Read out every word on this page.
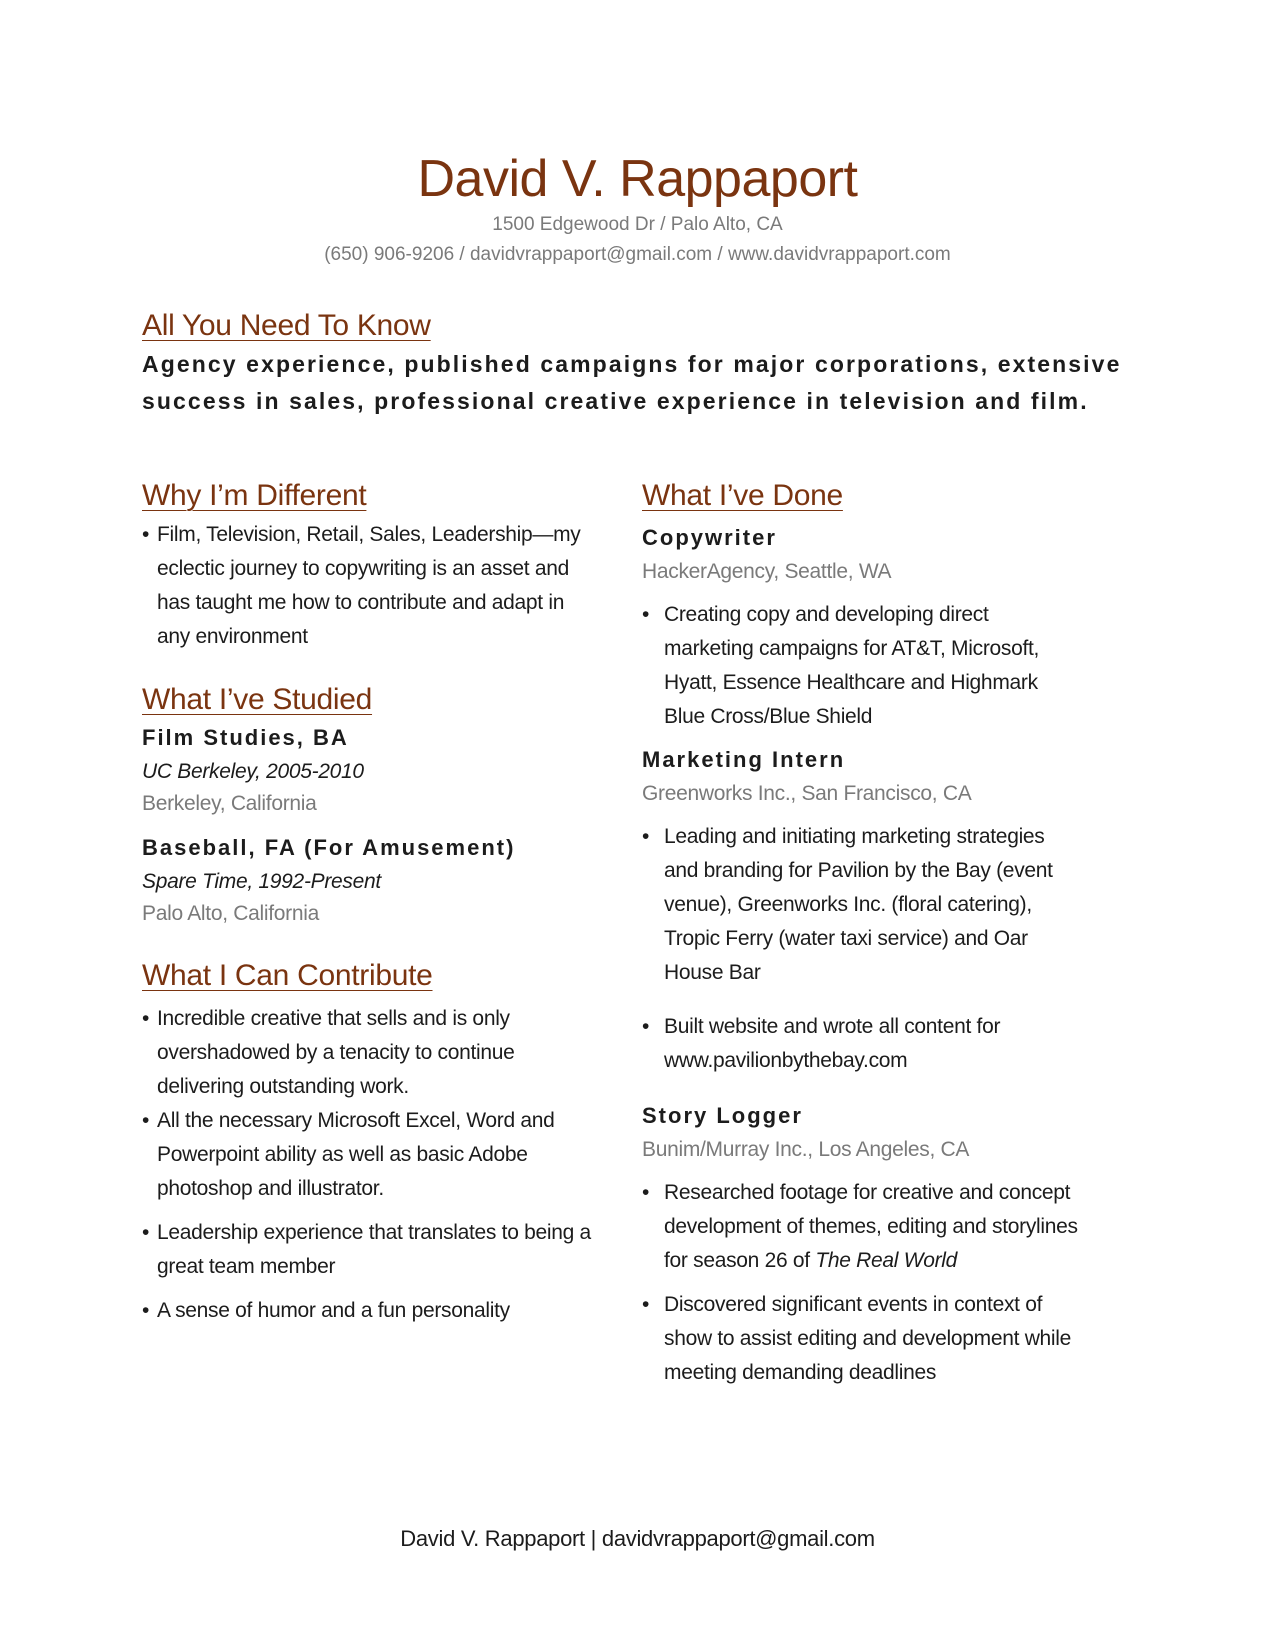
David V. Rappaport
1500 Edgewood Dr / Palo Alto, CA
(650) 906-9206 / davidvrappaport@gmail.com / www.davidvrappaport.com
All You Need To Know
Agency experience, published campaigns for major corporations, extensive
success in sales, professional creative experience in television and film.
Why I’m Different
• Film, Television, Retail, Sales, Leadership—my eclectic journey to copywriting is an asset and has taught me how to contribute and adapt in any environment
What I’ve Studied
Film Studies, BA
UC Berkeley, 2005-2010
Berkeley, California
Baseball, FA (For Amusement)
Spare Time, 1992-Present
Palo Alto, California
What I Can Contribute
• Incredible creative that sells and is only overshadowed by a tenacity to continue delivering outstanding work.
• All the necessary Microsoft Excel, Word and Powerpoint ability as well as basic Adobe photoshop and illustrator.
• Leadership experience that translates to being a great team member
• A sense of humor and a fun personality
What I’ve Done
Copywriter
HackerAgency, Seattle, WA
• Creating copy and developing direct marketing campaigns for AT&T, Microsoft, Hyatt, Essence Healthcare and Highmark Blue Cross/Blue Shield
Marketing Intern
Greenworks Inc., San Francisco, CA
• Leading and initiating marketing strategies and branding for Pavilion by the Bay (event venue), Greenworks Inc. (floral catering), Tropic Ferry (water taxi service) and Oar House Bar
• Built website and wrote all content for www.pavilionbythebay.com
Story Logger
Bunim/Murray Inc., Los Angeles, CA
• Researched footage for creative and concept development of themes, editing and storylines for season 26 of The Real World
• Discovered significant events in context of show to assist editing and development while meeting demanding deadlines
David V. Rappaport | davidvrappaport@gmail.com
